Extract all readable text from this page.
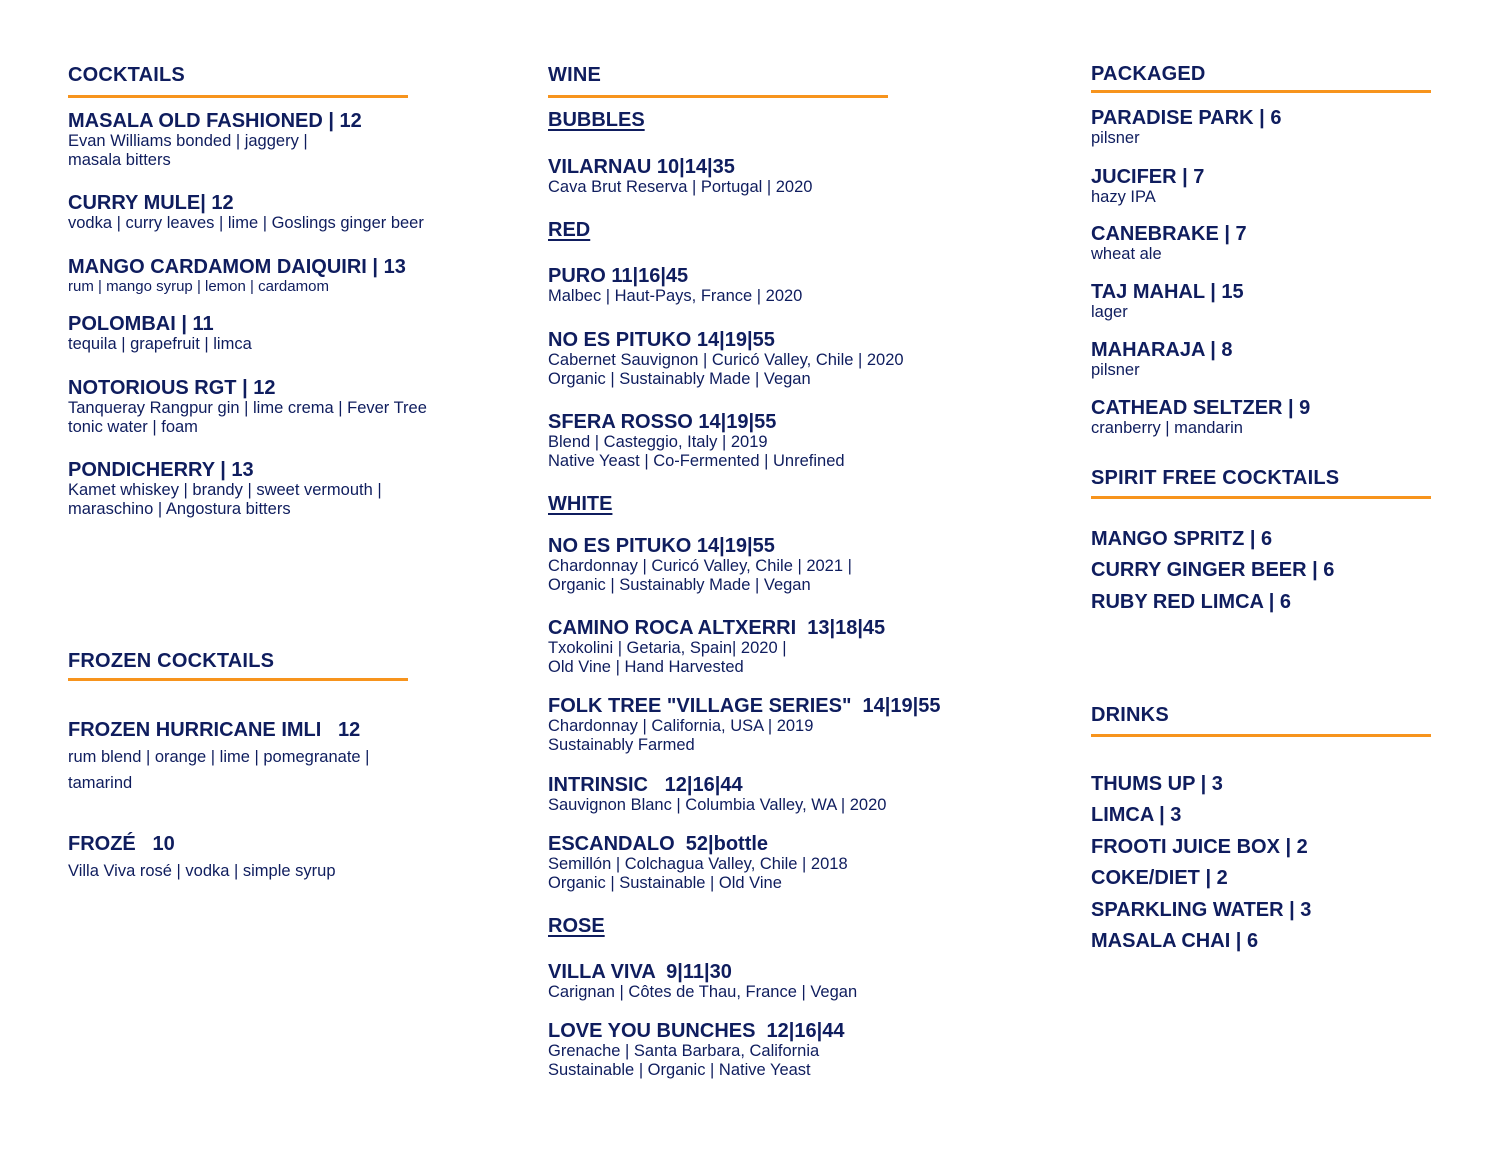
COCKTAILS
MASALA OLD FASHIONED | 12
Evan Williams bonded | jaggery |
masala bitters
CURRY MULE| 12
vodka | curry leaves | lime | Goslings ginger beer
MANGO CARDAMOM DAIQUIRI | 13
rum | mango syrup | lemon | cardamom
POLOMBAI | 11
tequila | grapefruit | limca
NOTORIOUS RGT | 12
Tanqueray Rangpur gin | lime crema | Fever Tree
tonic water | foam
PONDICHERRY | 13
Kamet whiskey | brandy | sweet vermouth |
maraschino | Angostura bitters
FROZEN COCKTAILS
FROZEN HURRICANE IMLI   12
rum blend | orange | lime | pomegranate |
tamarind
FROZÉ   10
Villa Viva rosé | vodka | simple syrup
WINE
BUBBLES
VILARNAU 10|14|35
Cava Brut Reserva | Portugal | 2020
RED
PURO 11|16|45
Malbec | Haut-Pays, France | 2020
NO ES PITUKO 14|19|55
Cabernet Sauvignon | Curicó Valley, Chile | 2020
Organic | Sustainably Made | Vegan
SFERA ROSSO 14|19|55
Blend | Casteggio, Italy | 2019
Native Yeast | Co-Fermented | Unrefined
WHITE
NO ES PITUKO 14|19|55
Chardonnay | Curicó Valley, Chile | 2021 |
Organic | Sustainably Made | Vegan
CAMINO ROCA ALTXERRI  13|18|45
Txokolini | Getaria, Spain| 2020 |
Old Vine | Hand Harvested
FOLK TREE "VILLAGE SERIES"  14|19|55
Chardonnay | California, USA | 2019
Sustainably Farmed
INTRINSIC   12|16|44
Sauvignon Blanc | Columbia Valley, WA | 2020
ESCANDALO  52|bottle
Semillón | Colchagua Valley, Chile | 2018
Organic | Sustainable | Old Vine
ROSE
VILLA VIVA  9|11|30
Carignan | Côtes de Thau, France | Vegan
LOVE YOU BUNCHES  12|16|44
Grenache | Santa Barbara, California
Sustainable | Organic | Native Yeast
PACKAGED
PARADISE PARK | 6
pilsner
JUCIFER | 7
hazy IPA
CANEBRAKE | 7
wheat ale
TAJ MAHAL | 15
lager
MAHARAJA | 8
pilsner
CATHEAD SELTZER | 9
cranberry | mandarin
SPIRIT FREE COCKTAILS
MANGO SPRITZ | 6
CURRY GINGER BEER | 6
RUBY RED LIMCA | 6
DRINKS
THUMS UP | 3
LIMCA | 3
FROOTI JUICE BOX | 2
COKE/DIET | 2
SPARKLING WATER | 3
MASALA CHAI | 6
